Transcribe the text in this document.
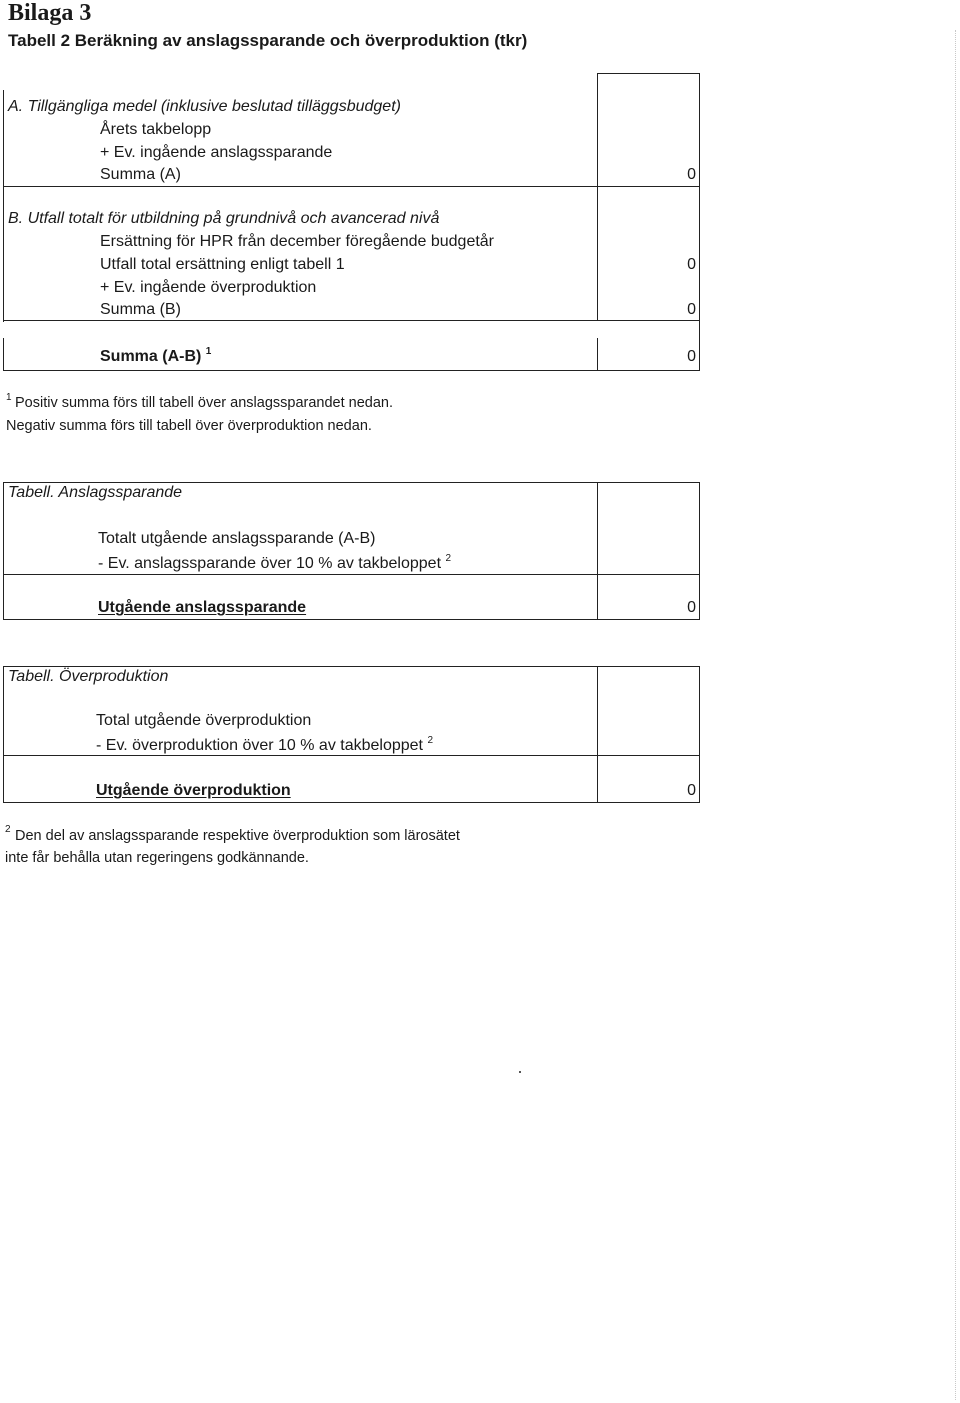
Bilaga 3
Tabell 2 Beräkning av anslagssparande och överproduktion (tkr)
A. Tillgängliga medel (inklusive beslutad tilläggsbudget)
Årets takbelopp
+ Ev. ingående anslagssparande
Summa (A)	0
B. Utfall totalt för utbildning på grundnivå och avancerad nivå
Ersättning för HPR från december föregående budgetår
Utfall total ersättning enligt tabell 1	0
+ Ev. ingående överproduktion
Summa (B)	0
Summa (A-B) $^1$	0
1 Positiv summa förs till tabell över anslagssparandet nedan.
Negativ summa förs till tabell över överproduktion nedan.
Tabell. Anslagssparande
Totalt utgående anslagssparande (A-B)
- Ev. anslagssparande över 10 % av takbeloppet $^2$
Utgående anslagssparande	0
Tabell. Överproduktion
Total utgående överproduktion
- Ev. överproduktion över 10 % av takbeloppet $^2$
Utgående överproduktion	0
2 Den del av anslagssparande respektive överproduktion som lärosätet
inte får behålla utan regeringens godkännande.
